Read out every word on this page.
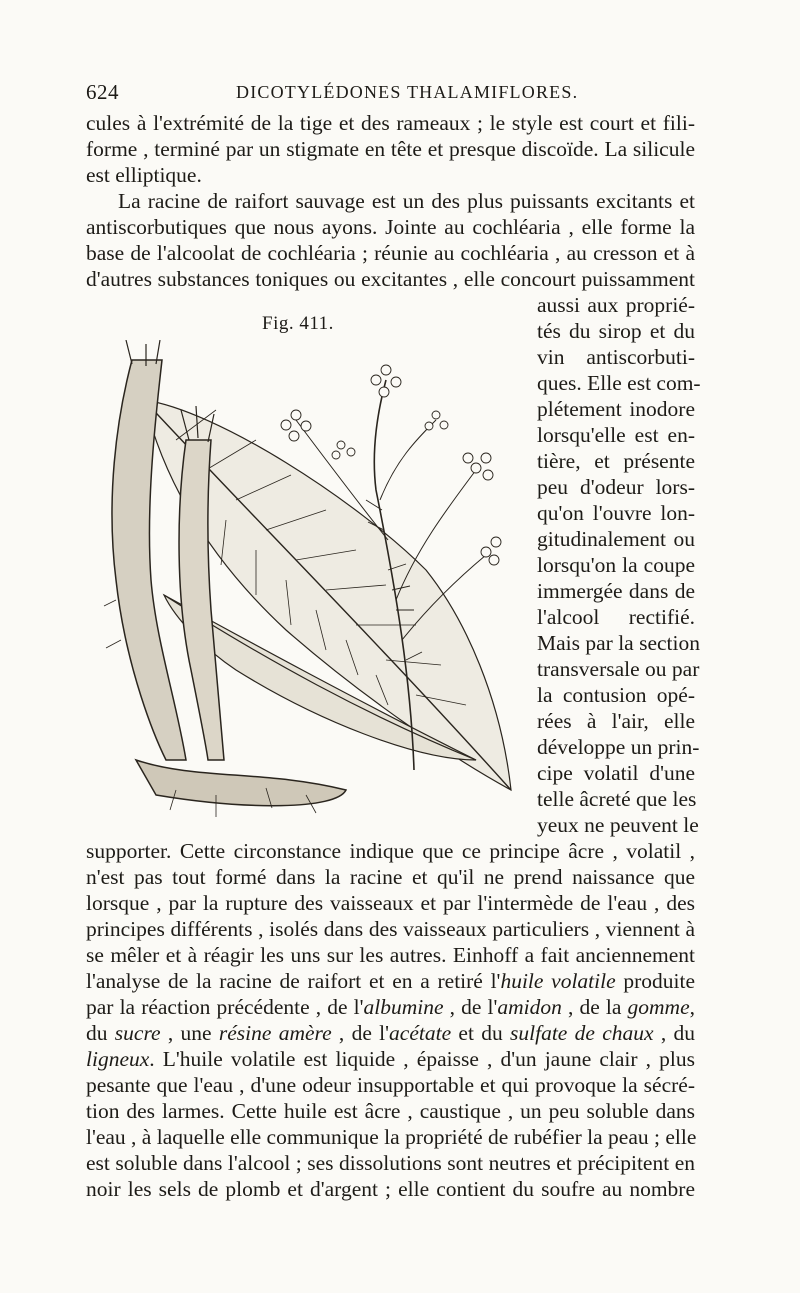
624	DICOTYLÉDONES THALAMIFLORES.
cules à l'extrémité de la tige et des rameaux ; le style est court et fili-
forme , terminé par un stigmate en tête et presque discoïde. La silicule
est elliptique.
La racine de raifort sauvage est un des plus puissants excitants et
antiscorbutiques que nous ayons. Jointe au cochléaria , elle forme la
base de l'alcoolat de cochléaria ; réunie au cochléaria , au cresson et à
d'autres substances toniques ou excitantes , elle concourt puissamment
Fig. 411.
aussi aux proprié-
tés du sirop et du
vin antiscorbuti-
ques. Elle est com-
plétement inodore
lorsqu'elle est en-
tière, et présente
peu d'odeur lors-
qu'on l'ouvre lon-
gitudinalement ou
lorsqu'on la coupe
immergée dans de
l'alcool rectifié.
Mais par la section
transversale ou par
la contusion opé-
rées à l'air, elle
développe un prin-
cipe volatil d'une
telle âcreté que les
yeux ne peuvent le
supporter. Cette circonstance indique que ce principe âcre , volatil ,
n'est pas tout formé dans la racine et qu'il ne prend naissance que
lorsque , par la rupture des vaisseaux et par l'intermède de l'eau , des
principes différents , isolés dans des vaisseaux particuliers , viennent à
se mêler et à réagir les uns sur les autres. Einhoff a fait anciennement
l'analyse de la racine de raifort et en a retiré l'huile volatile produite
par la réaction précédente , de l'albumine , de l'amidon , de la gomme,
du sucre , une résine amère , de l'acétate et du sulfate de chaux , du
ligneux. L'huile volatile est liquide , épaisse , d'un jaune clair , plus
pesante que l'eau , d'une odeur insupportable et qui provoque la sécré-
tion des larmes. Cette huile est âcre , caustique , un peu soluble dans
l'eau , à laquelle elle communique la propriété de rubéfier la peau ; elle
est soluble dans l'alcool ; ses dissolutions sont neutres et précipitent en
noir les sels de plomb et d'argent ; elle contient du soufre au nombre
